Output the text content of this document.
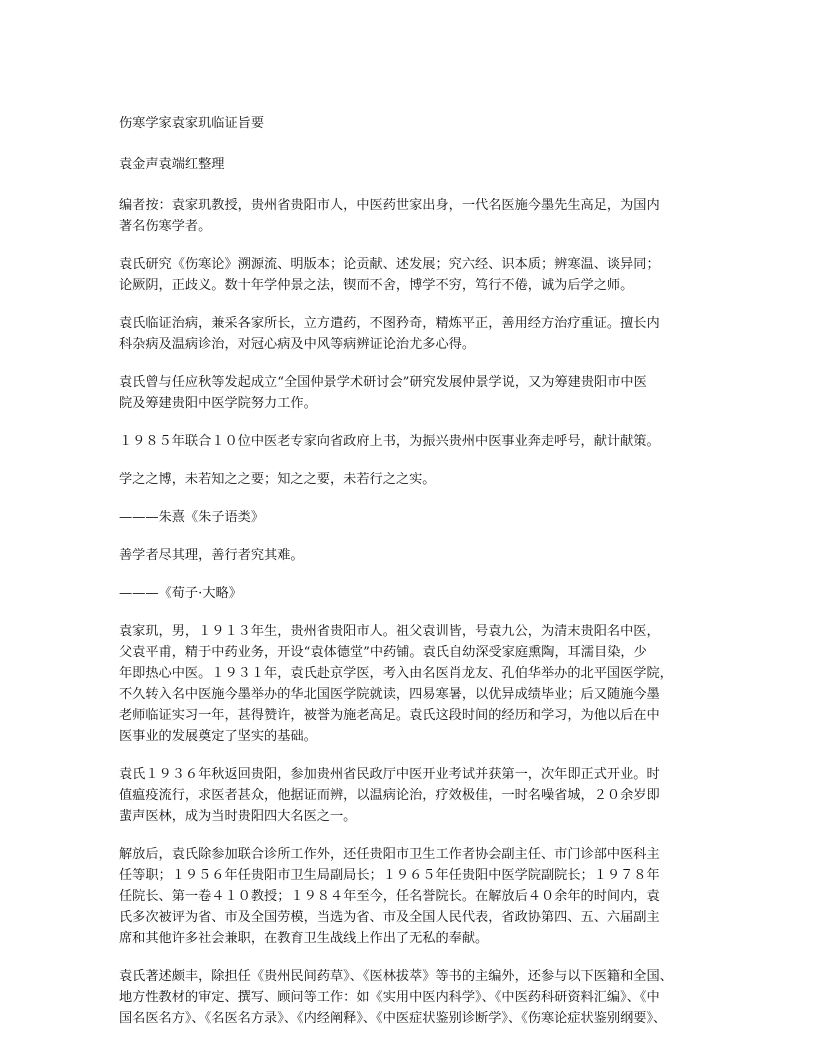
伤寒学家袁家玑临证旨要

袁金声袁端红整理

编者按：袁家玑教授，贵州省贵阳市人，中医药世家出身，一代名医施今墨先生高足，为国内
著名伤寒学者。

袁氏研究《伤寒论》溯源流、明版本；论贡献、述发展；究六经、识本质；辨寒温、谈异同；
论厥阴，正歧义。数十年学仲景之法，锲而不舍，博学不穷，笃行不倦，诚为后学之师。

袁氏临证治病，兼采各家所长，立方遣药，不图矜奇，精炼平正，善用经方治疗重证。擅长内
科杂病及温病诊治，对冠心病及中风等病辨证论治尤多心得。

袁氏曾与任应秋等发起成立“全国仲景学术研讨会”研究发展仲景学说，又为筹建贵阳市中医
院及筹建贵阳中医学院努力工作。

１９８５年联合１０位中医老专家向省政府上书，为振兴贵州中医事业奔走呼号，献计献策。

学之之博，未若知之之要；知之之要，未若行之之实。

———朱熹《朱子语类》

善学者尽其理，善行者究其难。

———《荀子·大略》

袁家玑，男，１９１３年生，贵州省贵阳市人。祖父袁训皆，号袁九公，为清末贵阳名中医，
父袁平甫，精于中药业务，开设“袁体德堂”中药铺。袁氏自幼深受家庭熏陶，耳濡目染，少
年即热心中医。１９３１年，袁氏赴京学医，考入由名医肖龙友、孔伯华举办的北平国医学院，
不久转入名中医施今墨举办的华北国医学院就读，四易寒暑，以优异成绩毕业；后又随施今墨
老师临证实习一年，甚得赞许，被誉为施老高足。袁氏这段时间的经历和学习，为他以后在中
医事业的发展奠定了坚实的基础。

袁氏１９３６年秋返回贵阳，参加贵州省民政厅中医开业考试并获第一，次年即正式开业。时
值瘟疫流行，求医者甚众，他据证而辨，以温病论治，疗效极佳，一时名噪省城，２０余岁即
蜚声医林，成为当时贵阳四大名医之一。

解放后，袁氏除参加联合诊所工作外，还任贵阳市卫生工作者协会副主任、市门诊部中医科主
任等职；１９５６年任贵阳市卫生局副局长；１９６５年任贵阳中医学院副院长；１９７８年
任院长、第一卷４１０教授；１９８４年至今，任名誉院长。在解放后４０余年的时间内，袁
氏多次被评为省、市及全国劳模，当选为省、市及全国人民代表，省政协第四、五、六届副主
席和其他许多社会兼职，在教育卫生战线上作出了无私的奉献。

袁氏著述颇丰，除担任《贵州民间药草》、《医林拔萃》等书的主编外，还参与以下医籍和全国、
地方性教材的审定、撰写、顾问等工作：如《实用中医内科学》、《中医药科研资料汇编》、《中
国名医名方》、《名医名方录》、《内经阐释》、《中医症状鉴别诊断学》、《伤寒论症状鉴别纲要》、
